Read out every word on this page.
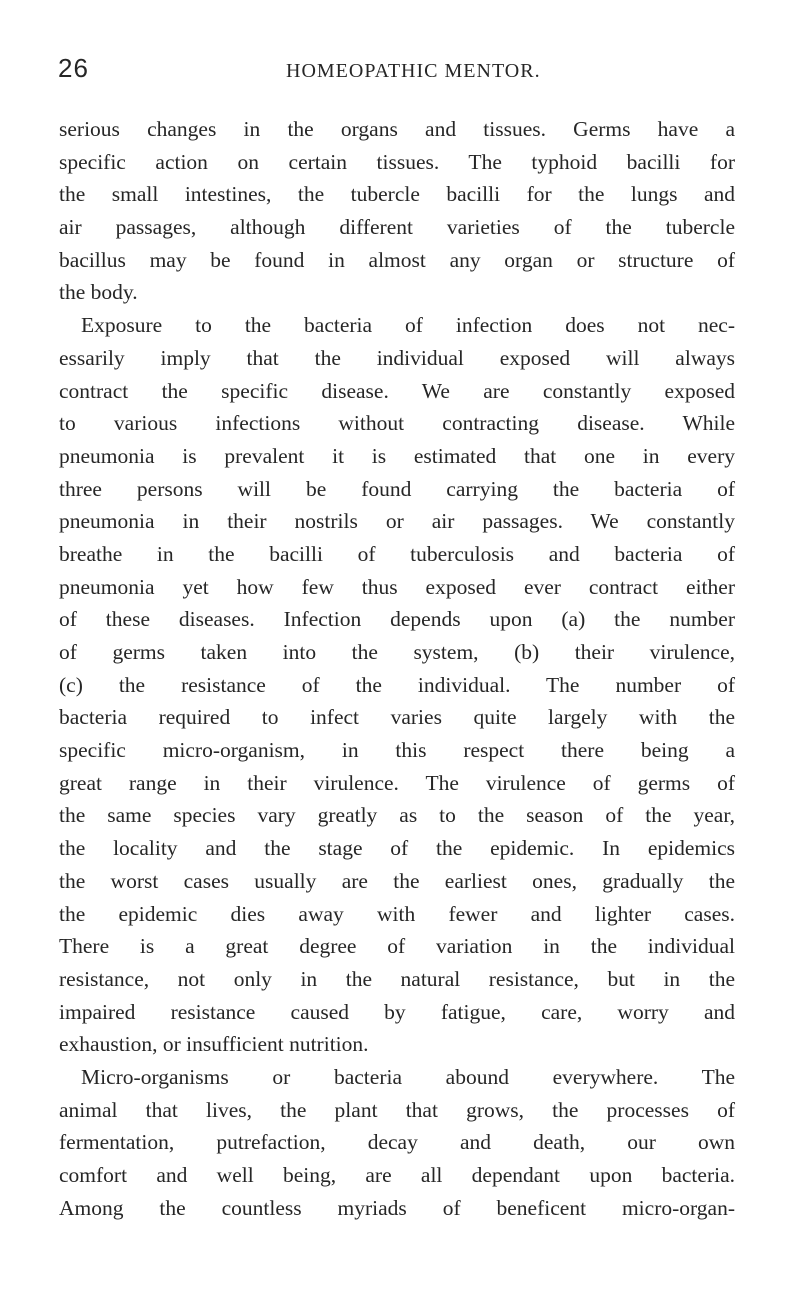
26	HOMEOPATHIC MENTOR.
serious changes in the organs and tissues. Germs have a
specific action on certain tissues. The typhoid bacilli for
the small intestines, the tubercle bacilli for the lungs and
air passages, although different varieties of the tubercle
bacillus may be found in almost any organ or structure of
the body.
Exposure to the bacteria of infection does not nec-
essarily imply that the individual exposed will always
contract the specific disease. We are constantly exposed
to various infections without contracting disease. While
pneumonia is prevalent it is estimated that one in every
three persons will be found carrying the bacteria of
pneumonia in their nostrils or air passages. We constantly
breathe in the bacilli of tuberculosis and bacteria of
pneumonia yet how few thus exposed ever contract either
of these diseases. Infection depends upon (a) the number
of germs taken into the system, (b) their virulence,
(c) the resistance of the individual. The number of
bacteria required to infect varies quite largely with the
specific micro-organism, in this respect there being a
great range in their virulence. The virulence of germs of
the same species vary greatly as to the season of the year,
the locality and the stage of the epidemic. In epidemics
the worst cases usually are the earliest ones, gradually the
the epidemic dies away with fewer and lighter cases.
There is a great degree of variation in the individual
resistance, not only in the natural resistance, but in the
impaired resistance caused by fatigue, care, worry and
exhaustion, or insufficient nutrition.
Micro-organisms or bacteria abound everywhere. The
animal that lives, the plant that grows, the processes of
fermentation, putrefaction, decay and death, our own
comfort and well being, are all dependant upon bacteria.
Among the countless myriads of beneficent micro-organ-
